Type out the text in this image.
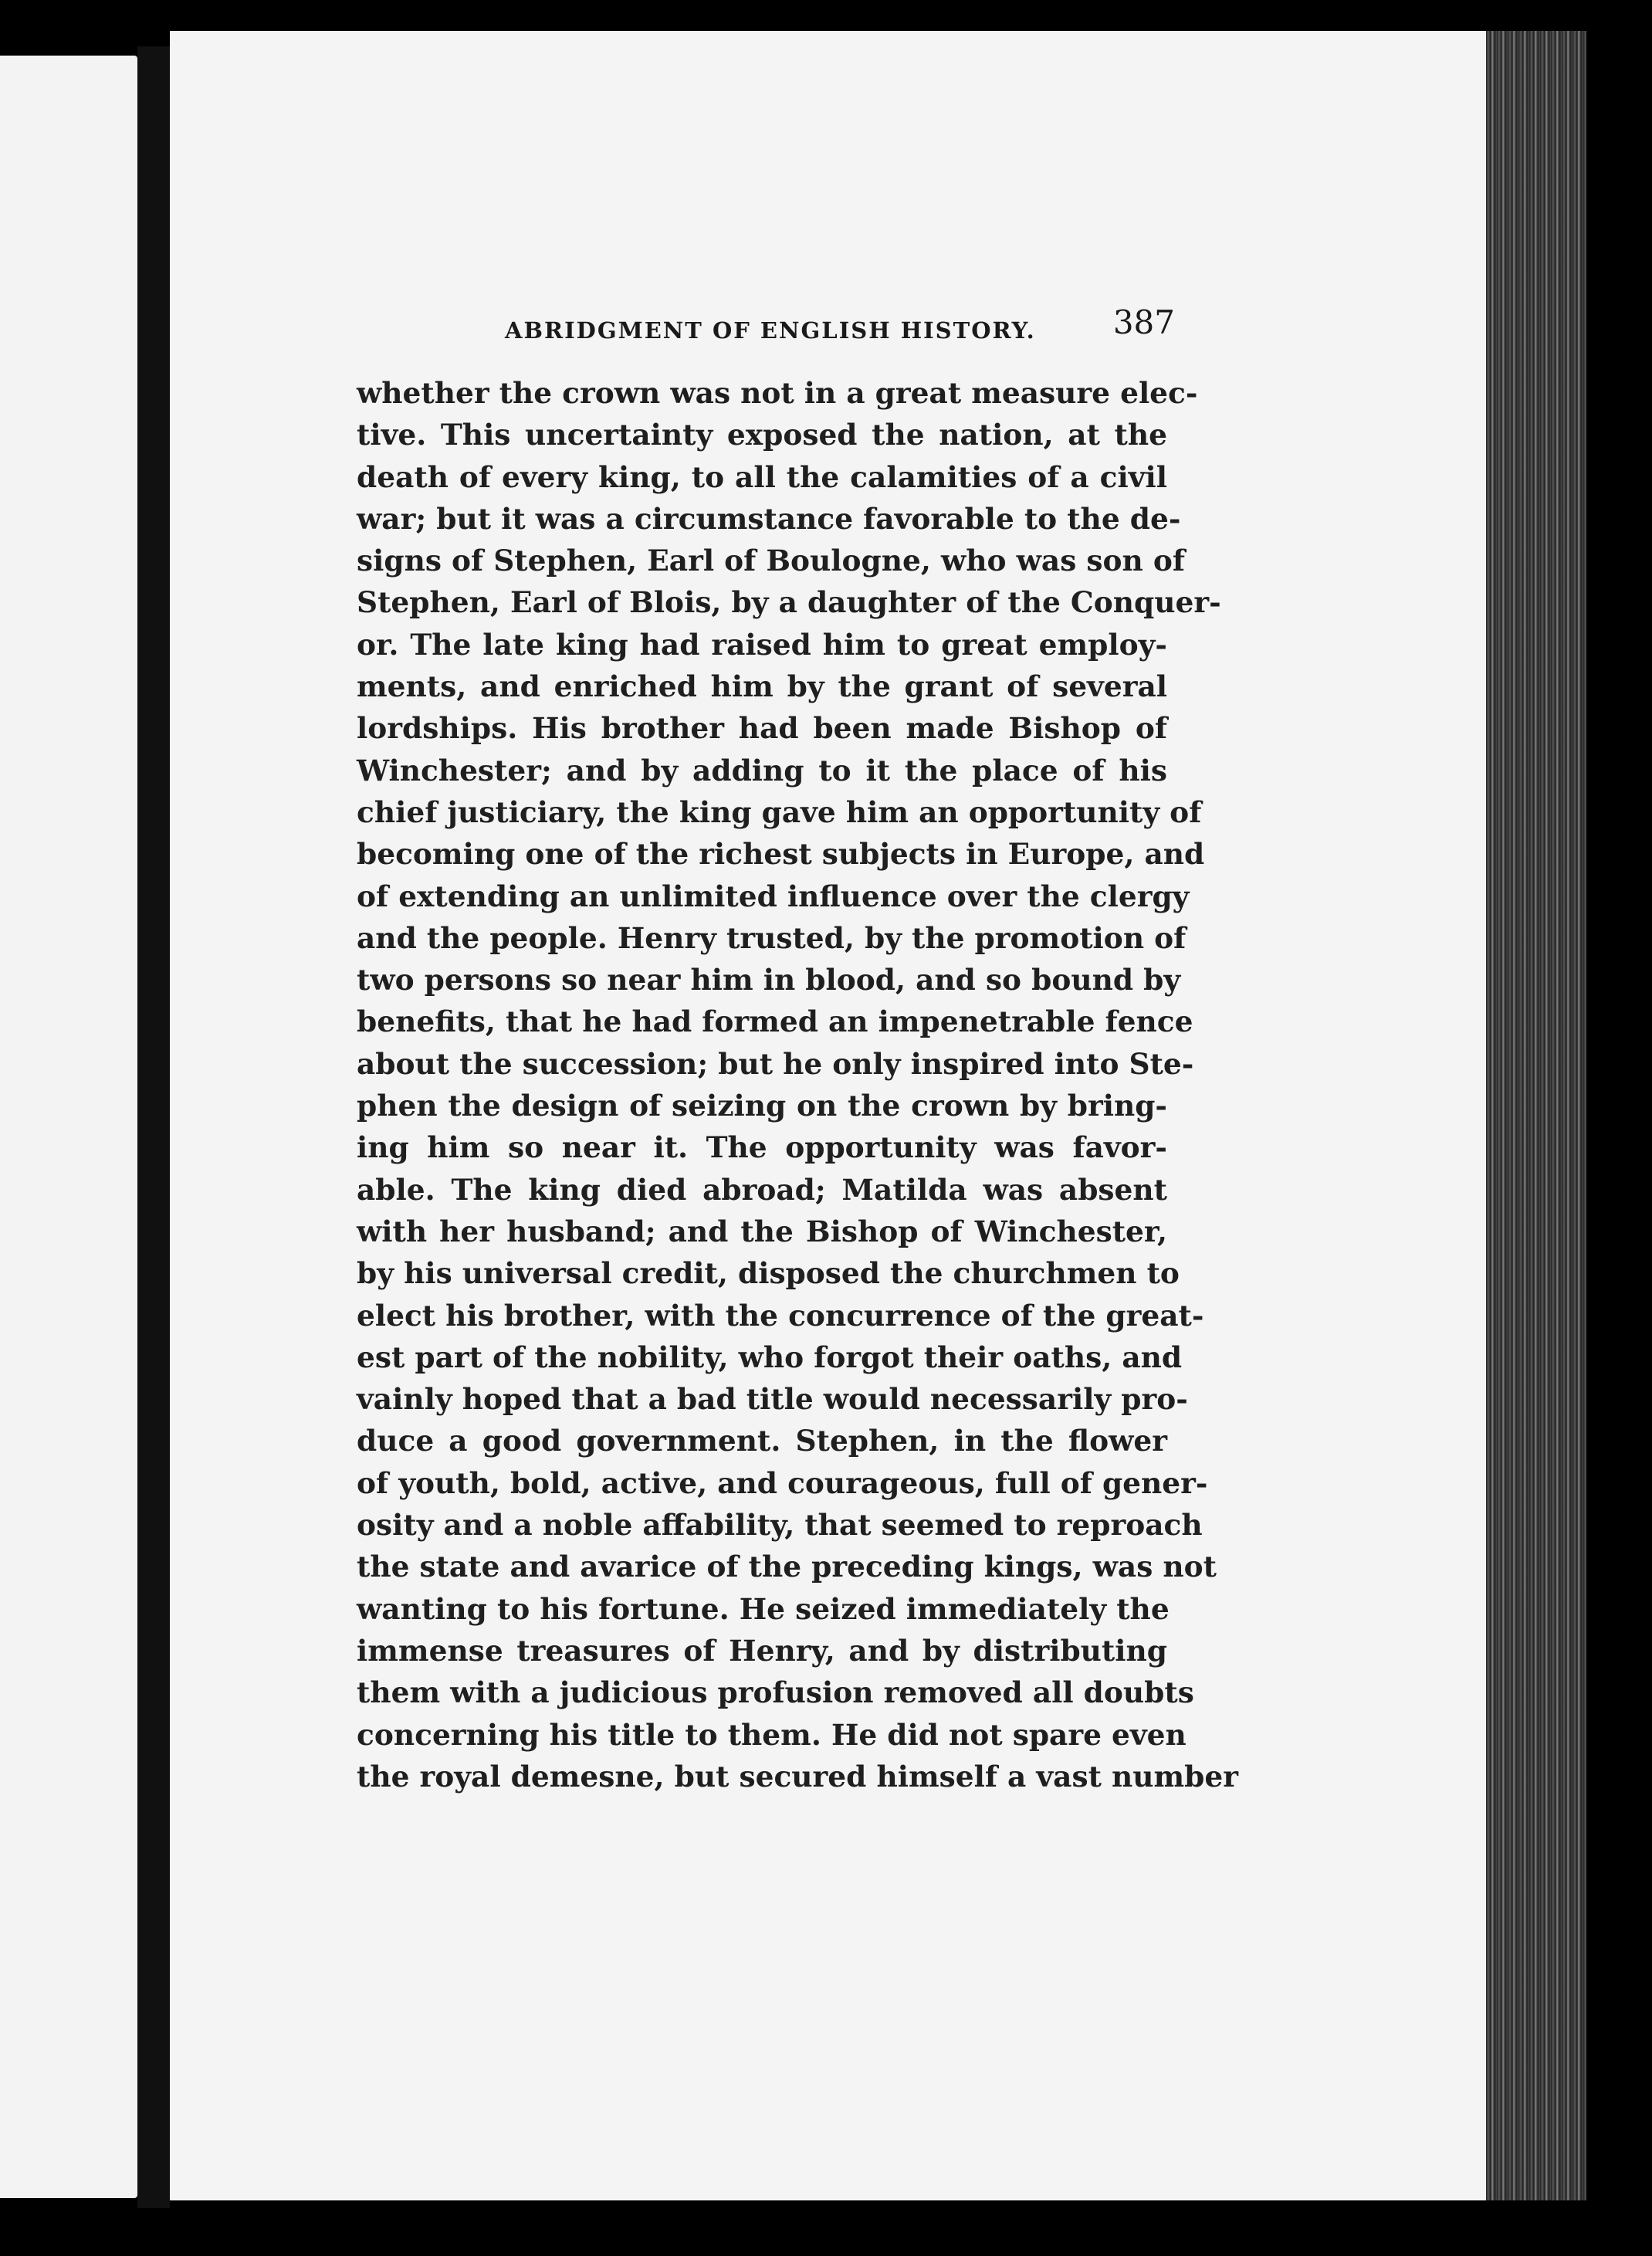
ABRIDGMENT OF ENGLISH HISTORY.	387
whether the crown was not in a great measure elec-
tive. This uncertainty exposed the nation, at the
death of every king, to all the calamities of a civil
war; but it was a circumstance favorable to the de-
signs of Stephen, Earl of Boulogne, who was son of
Stephen, Earl of Blois, by a daughter of the Conquer-
or. The late king had raised him to great employ-
ments, and enriched him by the grant of several
lordships. His brother had been made Bishop of
Winchester; and by adding to it the place of his
chief justiciary, the king gave him an opportunity of
becoming one of the richest subjects in Europe, and
of extending an unlimited influence over the clergy
and the people. Henry trusted, by the promotion of
two persons so near him in blood, and so bound by
benefits, that he had formed an impenetrable fence
about the succession; but he only inspired into Ste-
phen the design of seizing on the crown by bring-
ing him so near it. The opportunity was favor-
able. The king died abroad; Matilda was absent
with her husband; and the Bishop of Winchester,
by his universal credit, disposed the churchmen to
elect his brother, with the concurrence of the great-
est part of the nobility, who forgot their oaths, and
vainly hoped that a bad title would necessarily pro-
duce a good government. Stephen, in the flower
of youth, bold, active, and courageous, full of gener-
osity and a noble affability, that seemed to reproach
the state and avarice of the preceding kings, was not
wanting to his fortune. He seized immediately the
immense treasures of Henry, and by distributing
them with a judicious profusion removed all doubts
concerning his title to them. He did not spare even
the royal demesne, but secured himself a vast number
